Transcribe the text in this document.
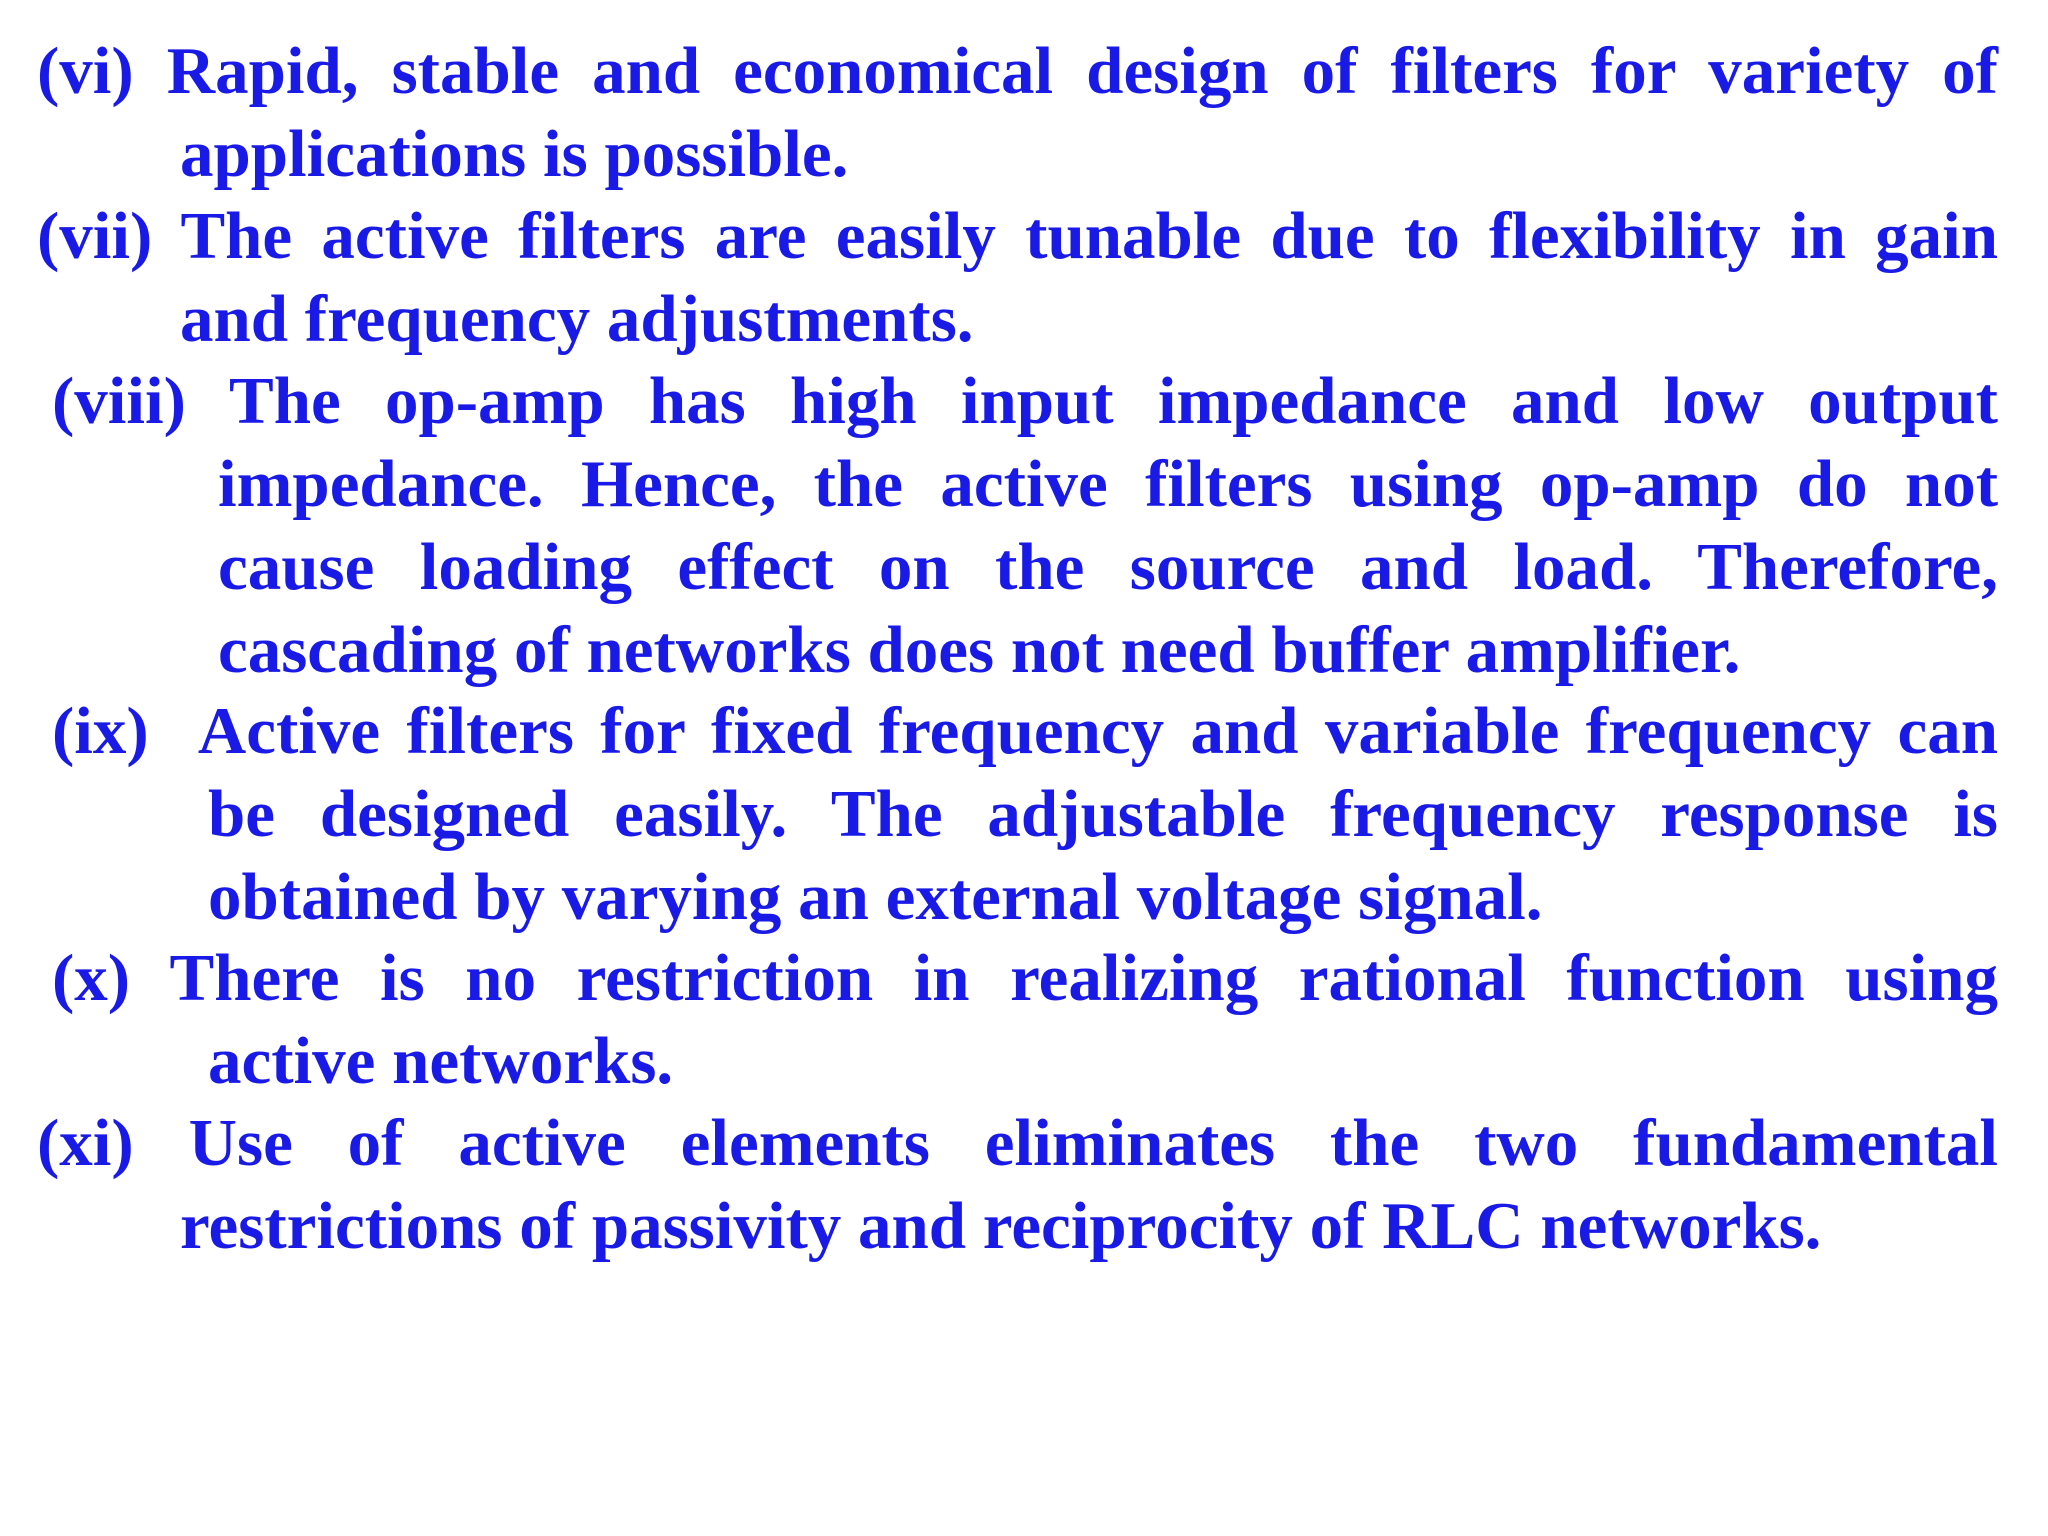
(vi) Rapid, stable and economical design of filters for variety of
applications is possible.
(vii) The active filters are easily tunable due to flexibility in gain
and frequency adjustments.
(viii) The op-amp has high input impedance and low output
impedance. Hence, the active filters using op-amp do not
cause loading effect on the source and load. Therefore,
cascading of networks does not need buffer amplifier.
(ix) Active filters for fixed frequency and variable frequency can
be designed easily. The adjustable frequency response is
obtained by varying an external voltage signal.
(x) There is no restriction in realizing rational function using
active networks.
(xi) Use of active elements eliminates the two fundamental
restrictions of passivity and reciprocity of RLC networks.
